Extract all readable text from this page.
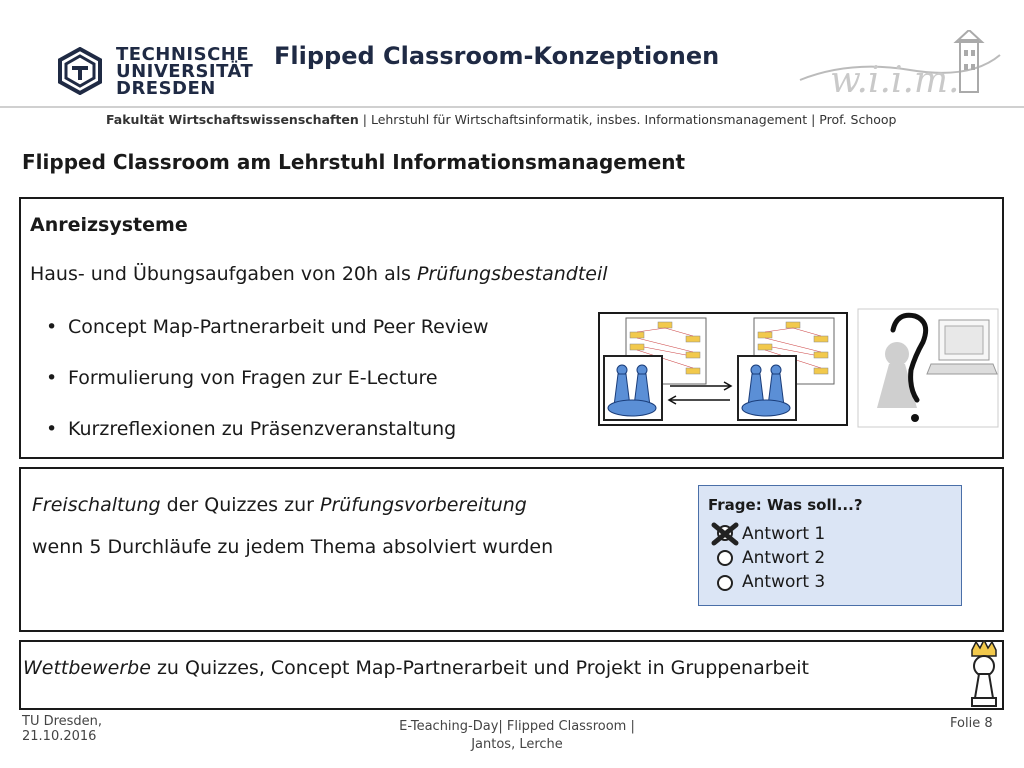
TECHNISCHE
UNIVERSITÄT
DRESDEN
Flipped Classroom-Konzeptionen
w.i.i.m.
Fakultät Wirtschaftswissenschaften | Lehrstuhl für Wirtschaftsinformatik, insbes. Informationsmanagement | Prof. Schoop
Flipped Classroom am Lehrstuhl Informationsmanagement
Anreizsysteme
Haus- und Übungsaufgaben von 20h als Prüfungsbestandteil
• Concept Map-Partnerarbeit und Peer Review
• Formulierung von Fragen zur E-Lecture
• Kurzreflexionen zu Präsenzveranstaltung
Freischaltung der Quizzes zur Prüfungsvorbereitung
wenn 5 Durchläufe zu jedem Thema absolviert wurden
Frage: Was soll...?
Antwort 1
Antwort 2
Antwort 3
Wettbewerbe zu Quizzes, Concept Map-Partnerarbeit und Projekt in Gruppenarbeit
TU Dresden,
21.10.2016
E-Teaching-Day| Flipped Classroom |
Jantos, Lerche
Folie 8
